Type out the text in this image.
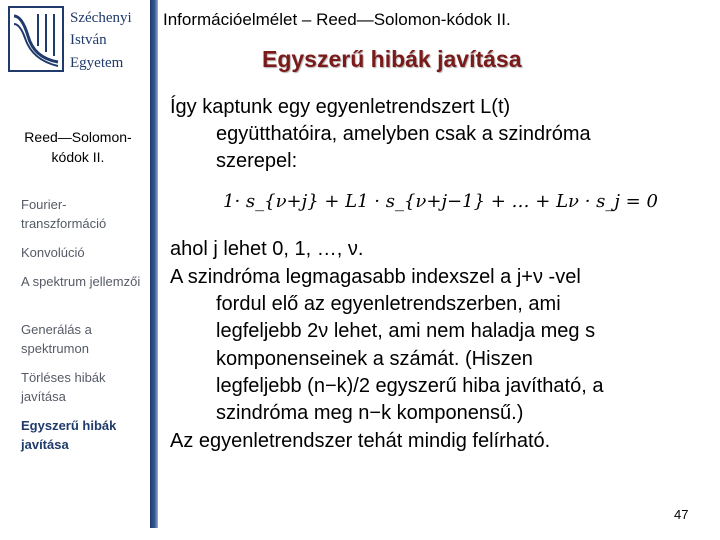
Széchenyi
István
Egyetem
Reed—Solomon-kódok II.
Fourier-transzformáció
Konvolúció
A spektrum jellemzői
Generálás a spektrumon
Törléses hibák javítása
Egyszerű hibák javítása
Információelmélet – Reed—Solomon-kódok II.
Egyszerű hibák javítása
Így kaptunk egy egyenletrendszert L(t)
együtthatóira, amelyben csak a szindróma
szerepel:
1· s_{ν+j} + L1 · s_{ν+j−1} + … + Lν · s_j = 0
ahol j lehet 0, 1, …, ν.
A szindróma legmagasabb indexszel a j+ν -vel
fordul elő az egyenletrendszerben, ami
legfeljebb 2ν lehet, ami nem haladja meg s
komponenseinek a számát. (Hiszen
legfeljebb (n−k)/2 egyszerű hiba javítható, a
szindróma meg n−k komponensű.)
Az egyenletrendszer tehát mindig felírható.
47
